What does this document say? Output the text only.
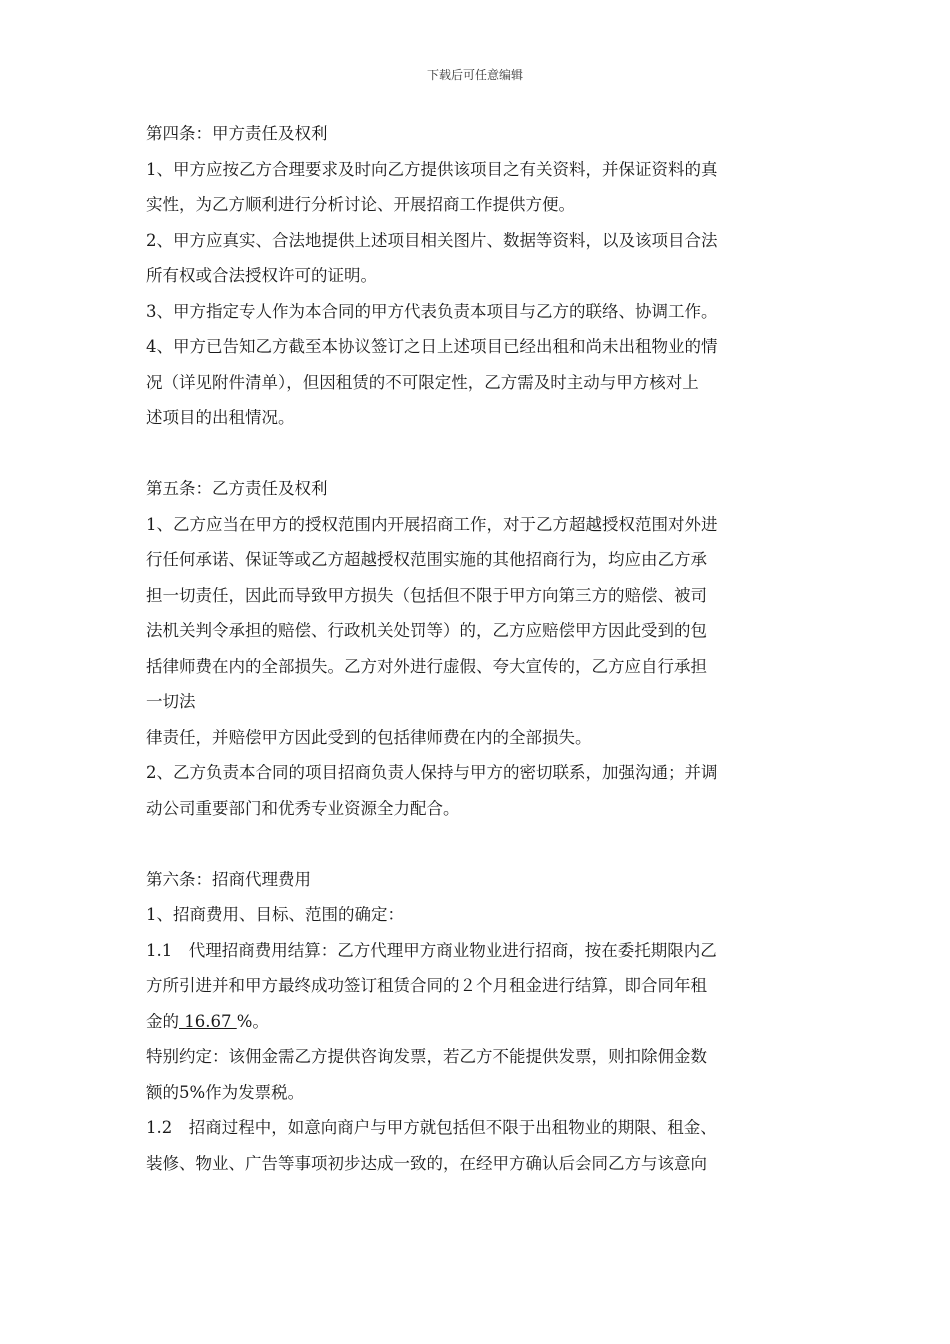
下载后可任意编辑

第四条：甲方责任及权利

1、甲方应按乙方合理要求及时向乙方提供该项目之有关资料，并保证资料的真

实性，为乙方顺利进行分析讨论、开展招商工作提供方便。

2、甲方应真实、合法地提供上述项目相关图片、数据等资料，以及该项目合法

所有权或合法授权许可的证明。

3、甲方指定专人作为本合同的甲方代表负责本项目与乙方的联络、协调工作。

4、甲方已告知乙方截至本协议签订之日上述项目已经出租和尚未出租物业的情

况（详见附件清单），但因租赁的不可限定性，乙方需及时主动与甲方核对上

述项目的出租情况。

第五条：乙方责任及权利

1、乙方应当在甲方的授权范围内开展招商工作，对于乙方超越授权范围对外进

行任何承诺、保证等或乙方超越授权范围实施的其他招商行为，均应由乙方承

担一切责任，因此而导致甲方损失（包括但不限于甲方向第三方的赔偿、被司

法机关判令承担的赔偿、行政机关处罚等）的，乙方应赔偿甲方因此受到的包

括律师费在内的全部损失。乙方对外进行虚假、夸大宣传的，乙方应自行承担

一切法

律责任，并赔偿甲方因此受到的包括律师费在内的全部损失。

2、乙方负责本合同的项目招商负责人保持与甲方的密切联系，加强沟通；并调

动公司重要部门和优秀专业资源全力配合。

第六条：招商代理费用

1、招商费用、目标、范围的确定：

1.1　代理招商费用结算：乙方代理甲方商业物业进行招商，按在委托期限内乙

方所引进并和甲方最终成功签订租赁合同的２个月租金进行结算，即合同年租

金的 16.67 %。

特别约定：该佣金需乙方提供咨询发票，若乙方不能提供发票，则扣除佣金数

额的5%作为发票税。

1.2　招商过程中，如意向商户与甲方就包括但不限于出租物业的期限、租金、

装修、物业、广告等事项初步达成一致的，在经甲方确认后会同乙方与该意向
